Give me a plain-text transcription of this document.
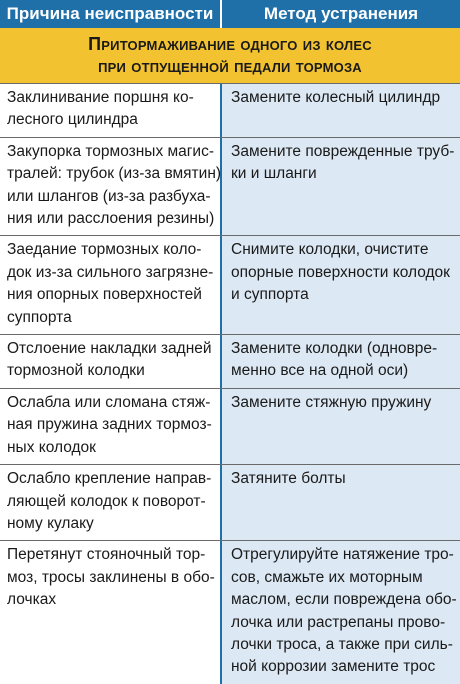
Причина неисправности	Метод устранения
Притормаживание одного из колес
при отпущенной педали тормоза
Заклинивание поршня ко-
лесного цилиндра
Замените колесный цилиндр
Закупорка тормозных магис-
тралей: трубок (из-за вмятин)
или шлангов (из-за разбуха-
ния или расслоения резины)
Замените поврежденные труб-
ки и шланги
Заедание тормозных коло-
док из-за сильного загрязне-
ния опорных поверхностей
суппорта
Снимите колодки, очистите
опорные поверхности колодок
и суппорта
Отслоение накладки задней
тормозной колодки
Замените колодки (одновре-
менно все на одной оси)
Ослабла или сломана стяж-
ная пружина задних тормоз-
ных колодок
Замените стяжную пружину
Ослабло крепление направ-
ляющей колодок к поворот-
ному кулаку
Затяните болты
Перетянут стояночный тор-
моз, тросы заклинены в обо-
лочках
Отрегулируйте натяжение тро-
сов, смажьте их моторным
маслом, если повреждена обо-
лочка или растрепаны прово-
лочки троса, а также при силь-
ной коррозии замените трос
